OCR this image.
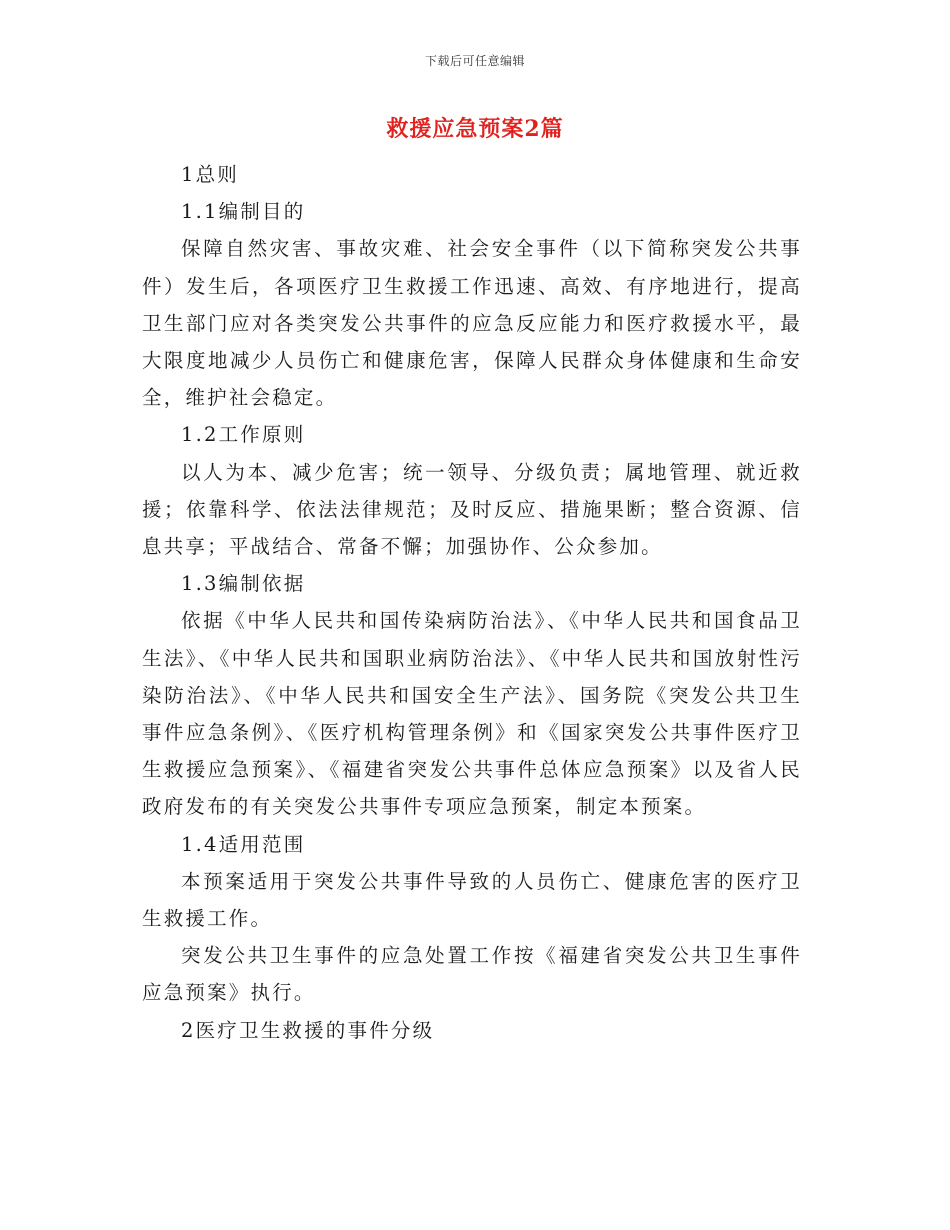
下载后可任意编辑
救援应急预案2篇

1总则

1.1编制目的

保障自然灾害、事故灾难、社会安全事件（以下简称突发公共事件）发生后，各项医疗卫生救援工作迅速、高效、有序地进行，提高卫生部门应对各类突发公共事件的应急反应能力和医疗救援水平，最大限度地减少人员伤亡和健康危害，保障人民群众身体健康和生命安全，维护社会稳定。

1.2工作原则

以人为本、减少危害；统一领导、分级负责；属地管理、就近救援；依靠科学、依法法律规范；及时反应、措施果断；整合资源、信息共享；平战结合、常备不懈；加强协作、公众参加。

1.3编制依据

依据《中华人民共和国传染病防治法》、《中华人民共和国食品卫生法》、《中华人民共和国职业病防治法》、《中华人民共和国放射性污染防治法》、《中华人民共和国安全生产法》、国务院《突发公共卫生事件应急条例》、《医疗机构管理条例》和《国家突发公共事件医疗卫生救援应急预案》、《福建省突发公共事件总体应急预案》以及省人民政府发布的有关突发公共事件专项应急预案，制定本预案。

1.4适用范围

本预案适用于突发公共事件导致的人员伤亡、健康危害的医疗卫生救援工作。

突发公共卫生事件的应急处置工作按《福建省突发公共卫生事件应急预案》执行。

2医疗卫生救援的事件分级
